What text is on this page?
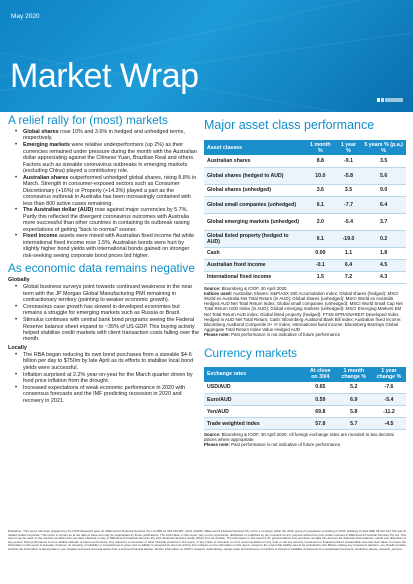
May 2020
Market Wrap
A relief rally for (most) markets
• Global shares rose 10% and 3.6% in hedged and unhedged terms, respectively.
• Emerging markets were relative underperformers (up 2%) as their currencies remained under pressure during the month with the Australian dollar appreciating against the Chinese Yuan, Brazilian Real and others. Factors such as sizeable coronavirus outbreaks in emerging markets (excluding China) played a contributory role.
• Australian shares outperformed unhedged global shares, rising 8.8% in March. Strength in consumer-exposed sectors such as Consumer Discretionary (+16%) or Property (+14.3%) played a part as the coronavirus outbreak in Australia has been increasingly contained with less than 800 active cases remaining.
• The Australian dollar (AUD) rose against major currencies by 5.7%. Partly this reflected the divergent coronavirus outcomes with Australia more successful than other countries in containing its outbreak raising expectations of getting "back to normal" sooner.
• Fixed income assets were mixed with Australian fixed income flat while international fixed income rose 1.5%. Australian bonds were hurt by slightly higher bond yields with international bonds gained on stronger risk-seeking seeing corporate bond prices bid higher.
As economic data remains negative
Globally
• Global business surveys point towards continued weakness in the near term with the JP Morgan Global Manufacturing PMI remaining in contractionary territory (pointing to weaker economic growth).
• Coronavirus case growth has slowed in developed economies but remains a struggle for emerging markets such as Russia or Brazil.
• Stimulus continues with central bank bond programs seeing the Federal Reserve balance sheet expand to ~35% of US GDP. This buying activity helped stabilise credit markets with client transaction costs falling over the month.
Locally
• The RBA began reducing its own bond purchases from a sizeable $4-6 billion per day to $750m by late April as its efforts to stabilise local bond yields were successful.
• Inflation surprised at 2.2% year-on-year for the March quarter driven by food price inflation from the drought.
• Increased expectations of weak economic performance in 2020 with consensus forecasts and the IMF predicting recession in 2020 and recovery in 2021.
Major asset class performance
Asset classes	1 month %	1 year %	5 years % (p.a.) %
Australian shares	8.8	-9.1	3.5
Global shares (hedged to AUD)	10.0	-5.8	5.6
Global shares (unhedged)	3.6	3.5	9.0
Global small companies (unhedged)	6.1	-7.7	6.4
Global emerging markets (unhedged)	2.0	-5.4	3.7
Global listed property (hedged to AUD)	6.1	-19.0	0.2
Cash	0.00	1.1	1.8
Australian fixed income	-0.1	6.4	4.5
International fixed income	1.5	7.2	4.3
Source: Bloomberg & IOOF, 30 April 2020
Indices used: Australian Shares: S&P/ASX 200 Accumulation Index; Global shares (hedged): MSCI World ex Australia Net Total Return (in AUD); Global shares (unhedged): MSCI World ex Australia Hedged AUD Net Total Return Index; Global small companies (unhedged): MSCI World Small Cap Net Total Return USD Index (in AUD); Global emerging markets (unhedged): MSCI Emerging Markets EM Net Total Return AUD index; Global listed property (hedged): FTSE EPRA/NAREIT Developed Index Hedged in AUD Net Total Return; Cash: Bloomberg AusBond Bank Bill Index; Australian fixed income: Bloomberg AusBond Composite 0+ Yr Index; International fixed income: Bloomberg Barclays Global Aggregate Total Return Index Value Hedged AUD
Please note: Past performance is not indicative of future performance
Currency markets
Exchange rates	At close on 30/4	1 month change %	1 year change %
USD/AUD	0.65	5.2	-7.6
Euro/AUD	0.59	6.9	-5.4
Yen/AUD	69.8	5.8	-11.2
Trade weighted index	57.8	5.7	-4.5
Source: Bloomberg & IOOF, 30 April 2020. All foreign exchange rates are rounded to two decimal places where appropriate.
Please note: Past performance is not indicative of future performance.
Disclaimer: This report has been prepared by the IOOF Research team for Millennium3 Financial Services Pty Ltd ABN 61 094 529 987, AFSL 244252. Millennium3 Financial Services Pty Ltd is a company within the IOOF group of companies consisting of IOOF Holdings Limited ABN 49 100 103 722 and its related bodies corporate. This report is current as at the date of issue and may be superseded by future publications. The information in this report may not be reproduced, distributed or published by any recipient for any purpose without the prior written consent of Millennium3 Financial Services Pty Ltd. This report may be used on the express condition that you have obtained a copy of Millennium3 Financial Services Pty Ltd's Financial Services Guide (FSG) from its website. The information in this report is for general advice only and does not take into account the financial circumstances, needs and objectives of any person. Past performance is not a reliable indicator of future performance. Any reference to securities or other financial products in this report, or any prices or forecasts, is not a recommendation to buy, hold or sell any security, investment or financial product. Reasonable care has been taken to ensure the information in this report is accurate; however, no warranty of reliability or completeness is given and no liability is accepted for any loss arising from reliance on the information in this report, except to the extent that liability cannot be excluded by law. Before making any investment decision, you should consider whether the information is appropriate to your situation and seek personal advice from a licensed financial adviser. Further information on IOOF's research methodology, ratings scale and disclosure of conflicts of interest is available at www.ioof.com.au/adviser/investment_funds/ioof_advice_research_process.
